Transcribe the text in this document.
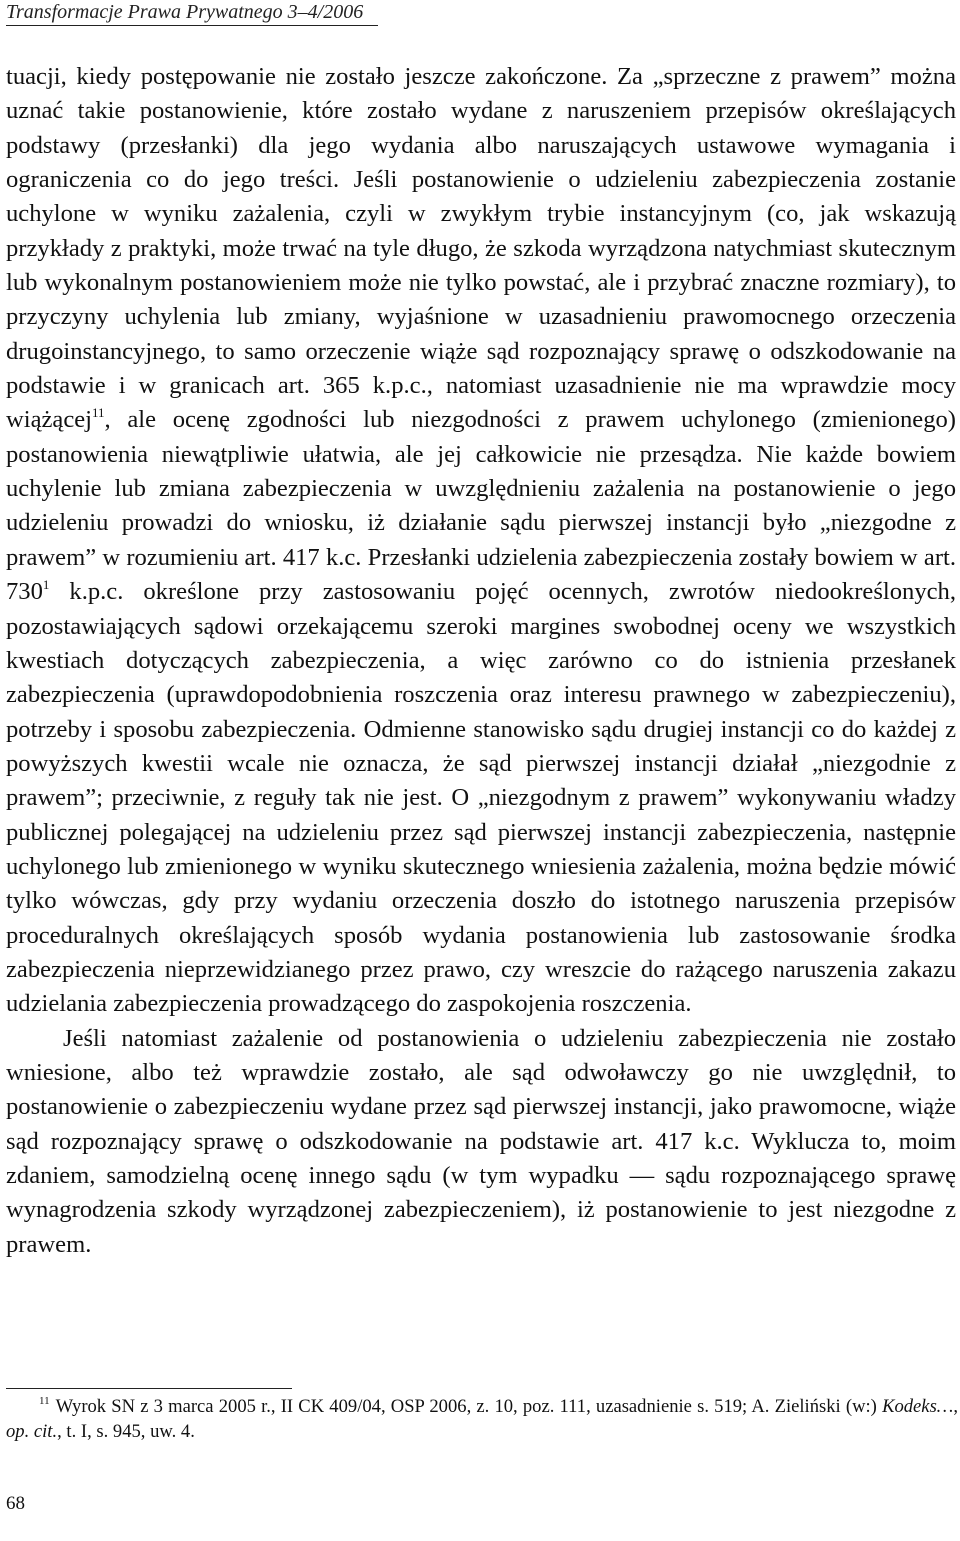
Transformacje Prawa Prywatnego 3–4/2006

tuacji, kiedy postępowanie nie zostało jeszcze zakończone. Za „sprzeczne z prawem” można uznać takie postanowienie, które zostało wydane z naruszeniem przepisów określających podstawy (przesłanki) dla jego wydania albo naruszających ustawowe wymagania i ograniczenia co do jego treści. Jeśli postanowienie o udzieleniu zabezpieczenia zostanie uchylone w wyniku zażalenia, czyli w zwykłym trybie instancyjnym (co, jak wskazują przykłady z praktyki, może trwać na tyle długo, że szkoda wyrządzona natychmiast skutecznym lub wykonalnym postanowieniem może nie tylko powstać, ale i przybrać znaczne rozmiary), to przyczyny uchylenia lub zmiany, wyjaśnione w uzasadnieniu prawomocnego orzeczenia drugoinstancyjnego, to samo orzeczenie wiąże sąd rozpoznający sprawę o odszkodowanie na podstawie i w granicach art. 365 k.p.c., natomiast uzasadnienie nie ma wprawdzie mocy wiążącej$^{11}$, ale ocenę zgodności lub niezgodności z prawem uchylonego (zmienionego) postanowienia niewątpliwie ułatwia, ale jej całkowicie nie przesądza. Nie każde bowiem uchylenie lub zmiana zabezpieczenia w uwzględnieniu zażalenia na postanowienie o jego udzieleniu prowadzi do wniosku, iż działanie sądu pierwszej instancji było „niezgodne z prawem” w rozumieniu art. 417 k.c. Przesłanki udzielenia zabezpieczenia zostały bowiem w art. $730^1$ k.p.c. określone przy zastosowaniu pojęć ocennych, zwrotów niedookreślonych, pozostawiających sądowi orzekającemu szeroki margines swobodnej oceny we wszystkich kwestiach dotyczących zabezpieczenia, a więc zarówno co do istnienia przesłanek zabezpieczenia (uprawdopodobnienia roszczenia oraz interesu prawnego w zabezpieczeniu), potrzeby i sposobu zabezpieczenia. Odmienne stanowisko sądu drugiej instancji co do każdej z powyższych kwestii wcale nie oznacza, że sąd pierwszej instancji działał „niezgodnie z prawem”; przeciwnie, z reguły tak nie jest. O „niezgodnym z prawem” wykonywaniu władzy publicznej polegającej na udzieleniu przez sąd pierwszej instancji zabezpieczenia, następnie uchylonego lub zmienionego w wyniku skutecznego wniesienia zażalenia, można będzie mówić tylko wówczas, gdy przy wydaniu orzeczenia doszło do istotnego naruszenia przepisów proceduralnych określających sposób wydania postanowienia lub zastosowanie środka zabezpieczenia nieprzewidzianego przez prawo, czy wreszcie do rażącego naruszenia zakazu udzielania zabezpieczenia prowadzącego do zaspokojenia roszczenia.

Jeśli natomiast zażalenie od postanowienia o udzieleniu zabezpieczenia nie zostało wniesione, albo też wprawdzie zostało, ale sąd odwoławczy go nie uwzględnił, to postanowienie o zabezpieczeniu wydane przez sąd pierwszej instancji, jako prawomocne, wiąże sąd rozpoznający sprawę o odszkodowanie na podstawie art. 417 k.c. Wyklucza to, moim zdaniem, samodzielną ocenę innego sądu (w tym wypadku — sądu rozpoznającego sprawę wynagrodzenia szkody wyrządzonej zabezpieczeniem), iż postanowienie to jest niezgodne z prawem.

$^{11}$ Wyrok SN z 3 marca 2005 r., II CK 409/04, OSP 2006, z. 10, poz. 111, uzasadnienie s. 519; A. Zieliński (w:) Kodeks…, op. cit., t. I, s. 945, uw. 4.

68
